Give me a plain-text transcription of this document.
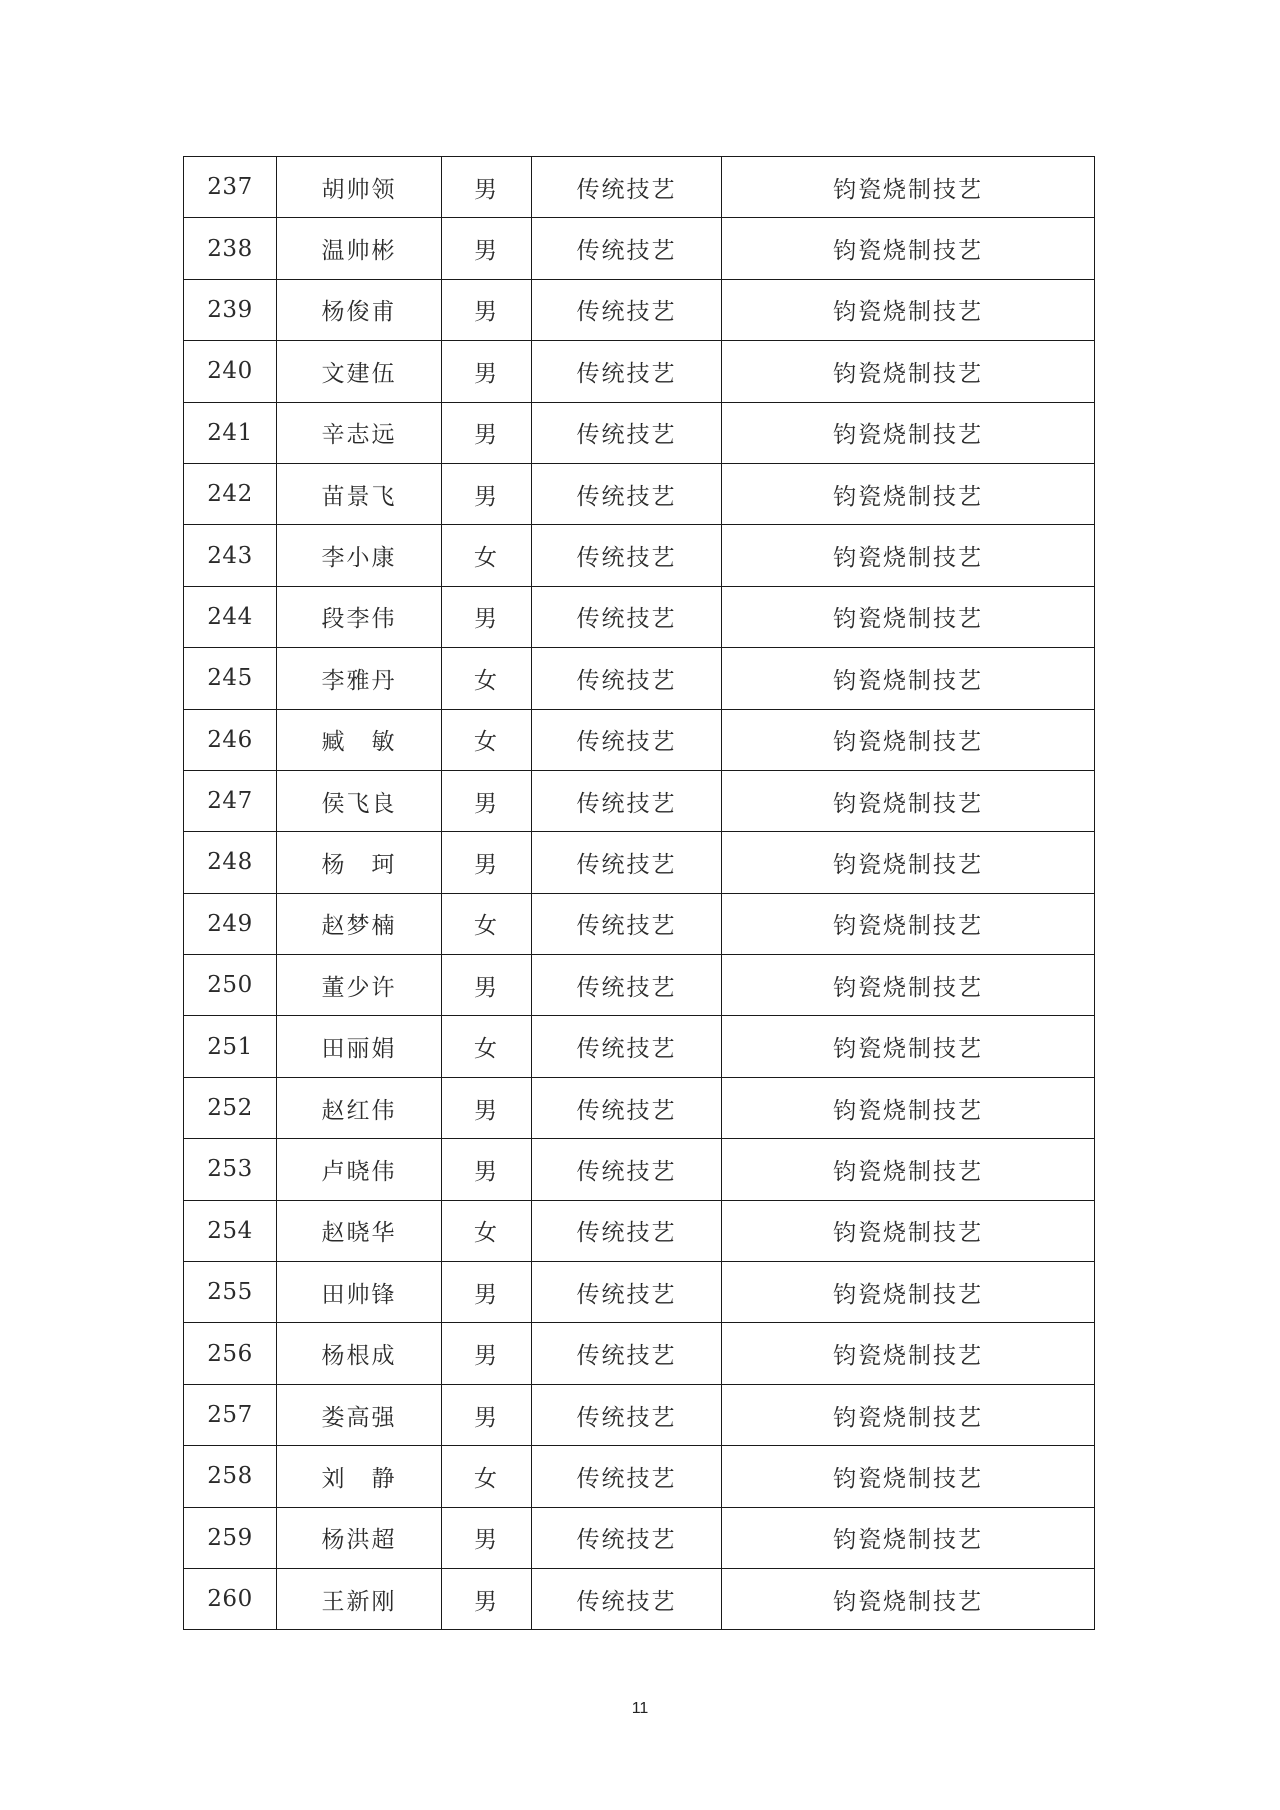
237	胡帅领	男	传统技艺	钧瓷烧制技艺
238	温帅彬	男	传统技艺	钧瓷烧制技艺
239	杨俊甫	男	传统技艺	钧瓷烧制技艺
240	文建伍	男	传统技艺	钧瓷烧制技艺
241	辛志远	男	传统技艺	钧瓷烧制技艺
242	苗景飞	男	传统技艺	钧瓷烧制技艺
243	李小康	女	传统技艺	钧瓷烧制技艺
244	段李伟	男	传统技艺	钧瓷烧制技艺
245	李雅丹	女	传统技艺	钧瓷烧制技艺
246	臧　敏	女	传统技艺	钧瓷烧制技艺
247	侯飞良	男	传统技艺	钧瓷烧制技艺
248	杨　珂	男	传统技艺	钧瓷烧制技艺
249	赵梦楠	女	传统技艺	钧瓷烧制技艺
250	董少许	男	传统技艺	钧瓷烧制技艺
251	田丽娟	女	传统技艺	钧瓷烧制技艺
252	赵红伟	男	传统技艺	钧瓷烧制技艺
253	卢晓伟	男	传统技艺	钧瓷烧制技艺
254	赵晓华	女	传统技艺	钧瓷烧制技艺
255	田帅锋	男	传统技艺	钧瓷烧制技艺
256	杨根成	男	传统技艺	钧瓷烧制技艺
257	娄高强	男	传统技艺	钧瓷烧制技艺
258	刘　静	女	传统技艺	钧瓷烧制技艺
259	杨洪超	男	传统技艺	钧瓷烧制技艺
260	王新刚	男	传统技艺	钧瓷烧制技艺
11
